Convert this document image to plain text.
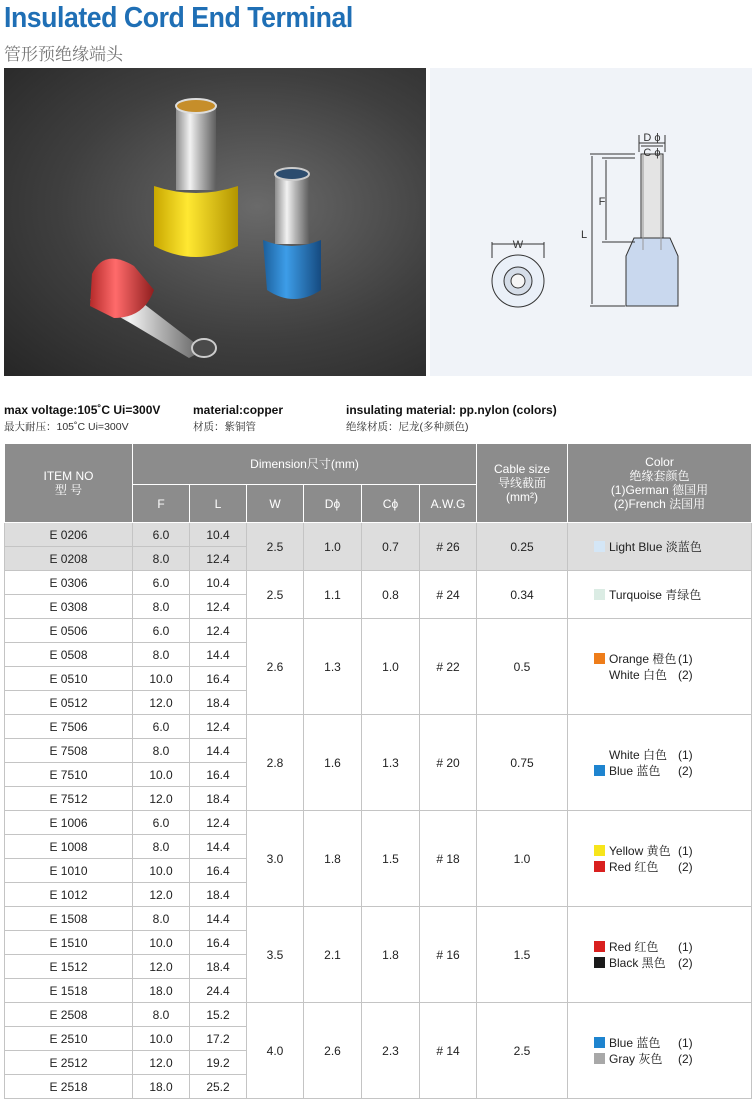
Insulated Cord End Terminal
管形预绝缘端头
W
D ϕ
C ϕ
F
L
max voltage:105˚C Ui=300V
最大耐压：105˚C Ui=300V
material:copper
材质：紫铜管
insulating material: pp.nylon (colors)
绝缘材质：尼龙(多种颜色)
ITEM NO
型 号	Dimension尺寸(mm)						Cable size
导线截面
(mm²)	Color
绝缘套颜色
(1)German 德国用
(2)French 法国用
	F	L	W	Dϕ	Cϕ	A.W.G		
E 0206	6.0	10.4	2.5	1.0	0.7	# 26	0.25	Light Blue 淡蓝色

E 0208	8.0	12.4						
E 0306	6.0	10.4	2.5	1.1	0.8	# 24	0.34	Turquoise 青绿色

E 0308	8.0	12.4						
E 0506	6.0	12.4	2.6	1.3	1.0	# 22	0.5	Orange 橙色 (1)
White 白色 (2)

E 0508	8.0	14.4						
E 0510	10.0	16.4						
E 0512	12.0	18.4						
E 7506	6.0	12.4	2.8	1.6	1.3	# 20	0.75	White 白色 (1)
Blue 蓝色 (2)

E 7508	8.0	14.4						
E 7510	10.0	16.4						
E 7512	12.0	18.4						
E 1006	6.0	12.4	3.0	1.8	1.5	# 18	1.0	Yellow 黄色 (1)
Red 红色 (2)

E 1008	8.0	14.4						
E 1010	10.0	16.4						
E 1012	12.0	18.4						
E 1508	8.0	14.4	3.5	2.1	1.8	# 16	1.5	Red 红色 (1)
Black 黑色 (2)

E 1510	10.0	16.4						
E 1512	12.0	18.4						
E 1518	18.0	24.4						
E 2508	8.0	15.2	4.0	2.6	2.3	# 14	2.5	Blue 蓝色 (1)
Gray 灰色 (2)

E 2510	10.0	17.2						
E 2512	12.0	19.2						
E 2518	18.0	25.2						
